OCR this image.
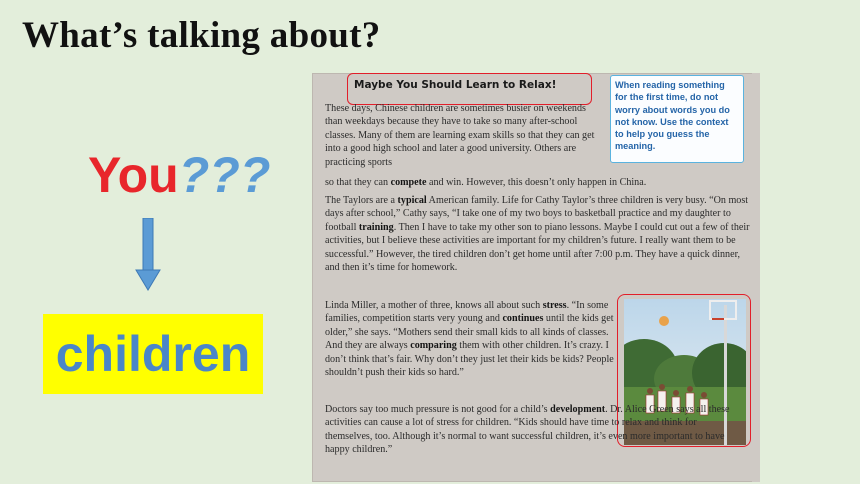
What’s talking about?
You???
children
Maybe You Should Learn to Relax!	When reading something for the first time, do not worry about words you do not know. Use the context to help you guess the meaning.
These days, Chinese children are sometimes busier on weekends than weekdays because they have to take so many after-school classes. Many of them are learning exam skills so that they can get into a good high school and later a good university. Others are practicing sports
so that they can compete and win. However, this doesn’t only happen in China.
The Taylors are a typical American family. Life for Cathy Taylor’s three children is very busy. “On most days after school,” Cathy says, “I take one of my two boys to basketball practice and my daughter to football training. Then I have to take my other son to piano lessons. Maybe I could cut out a few of their activities, but I believe these activities are important for my children’s future. I really want them to be successful.” However, the tired children don’t get home until after 7:00 p.m. They have a quick dinner, and then it’s time for homework.
Linda Miller, a mother of three, knows all about such stress. “In some families, competition starts very young and continues until the kids get older,” she says. “Mothers send their small kids to all kinds of classes. And they are always comparing them with other children. It’s crazy. I don’t think that’s fair. Why don’t they just let their kids be kids? People shouldn’t push their kids so hard.”
Doctors say too much pressure is not good for a child’s development. Dr. Alice Green says all these activities can cause a lot of stress for children. “Kids should have time to relax and think for themselves, too. Although it’s normal to want successful children, it’s even more important to have happy children.”
